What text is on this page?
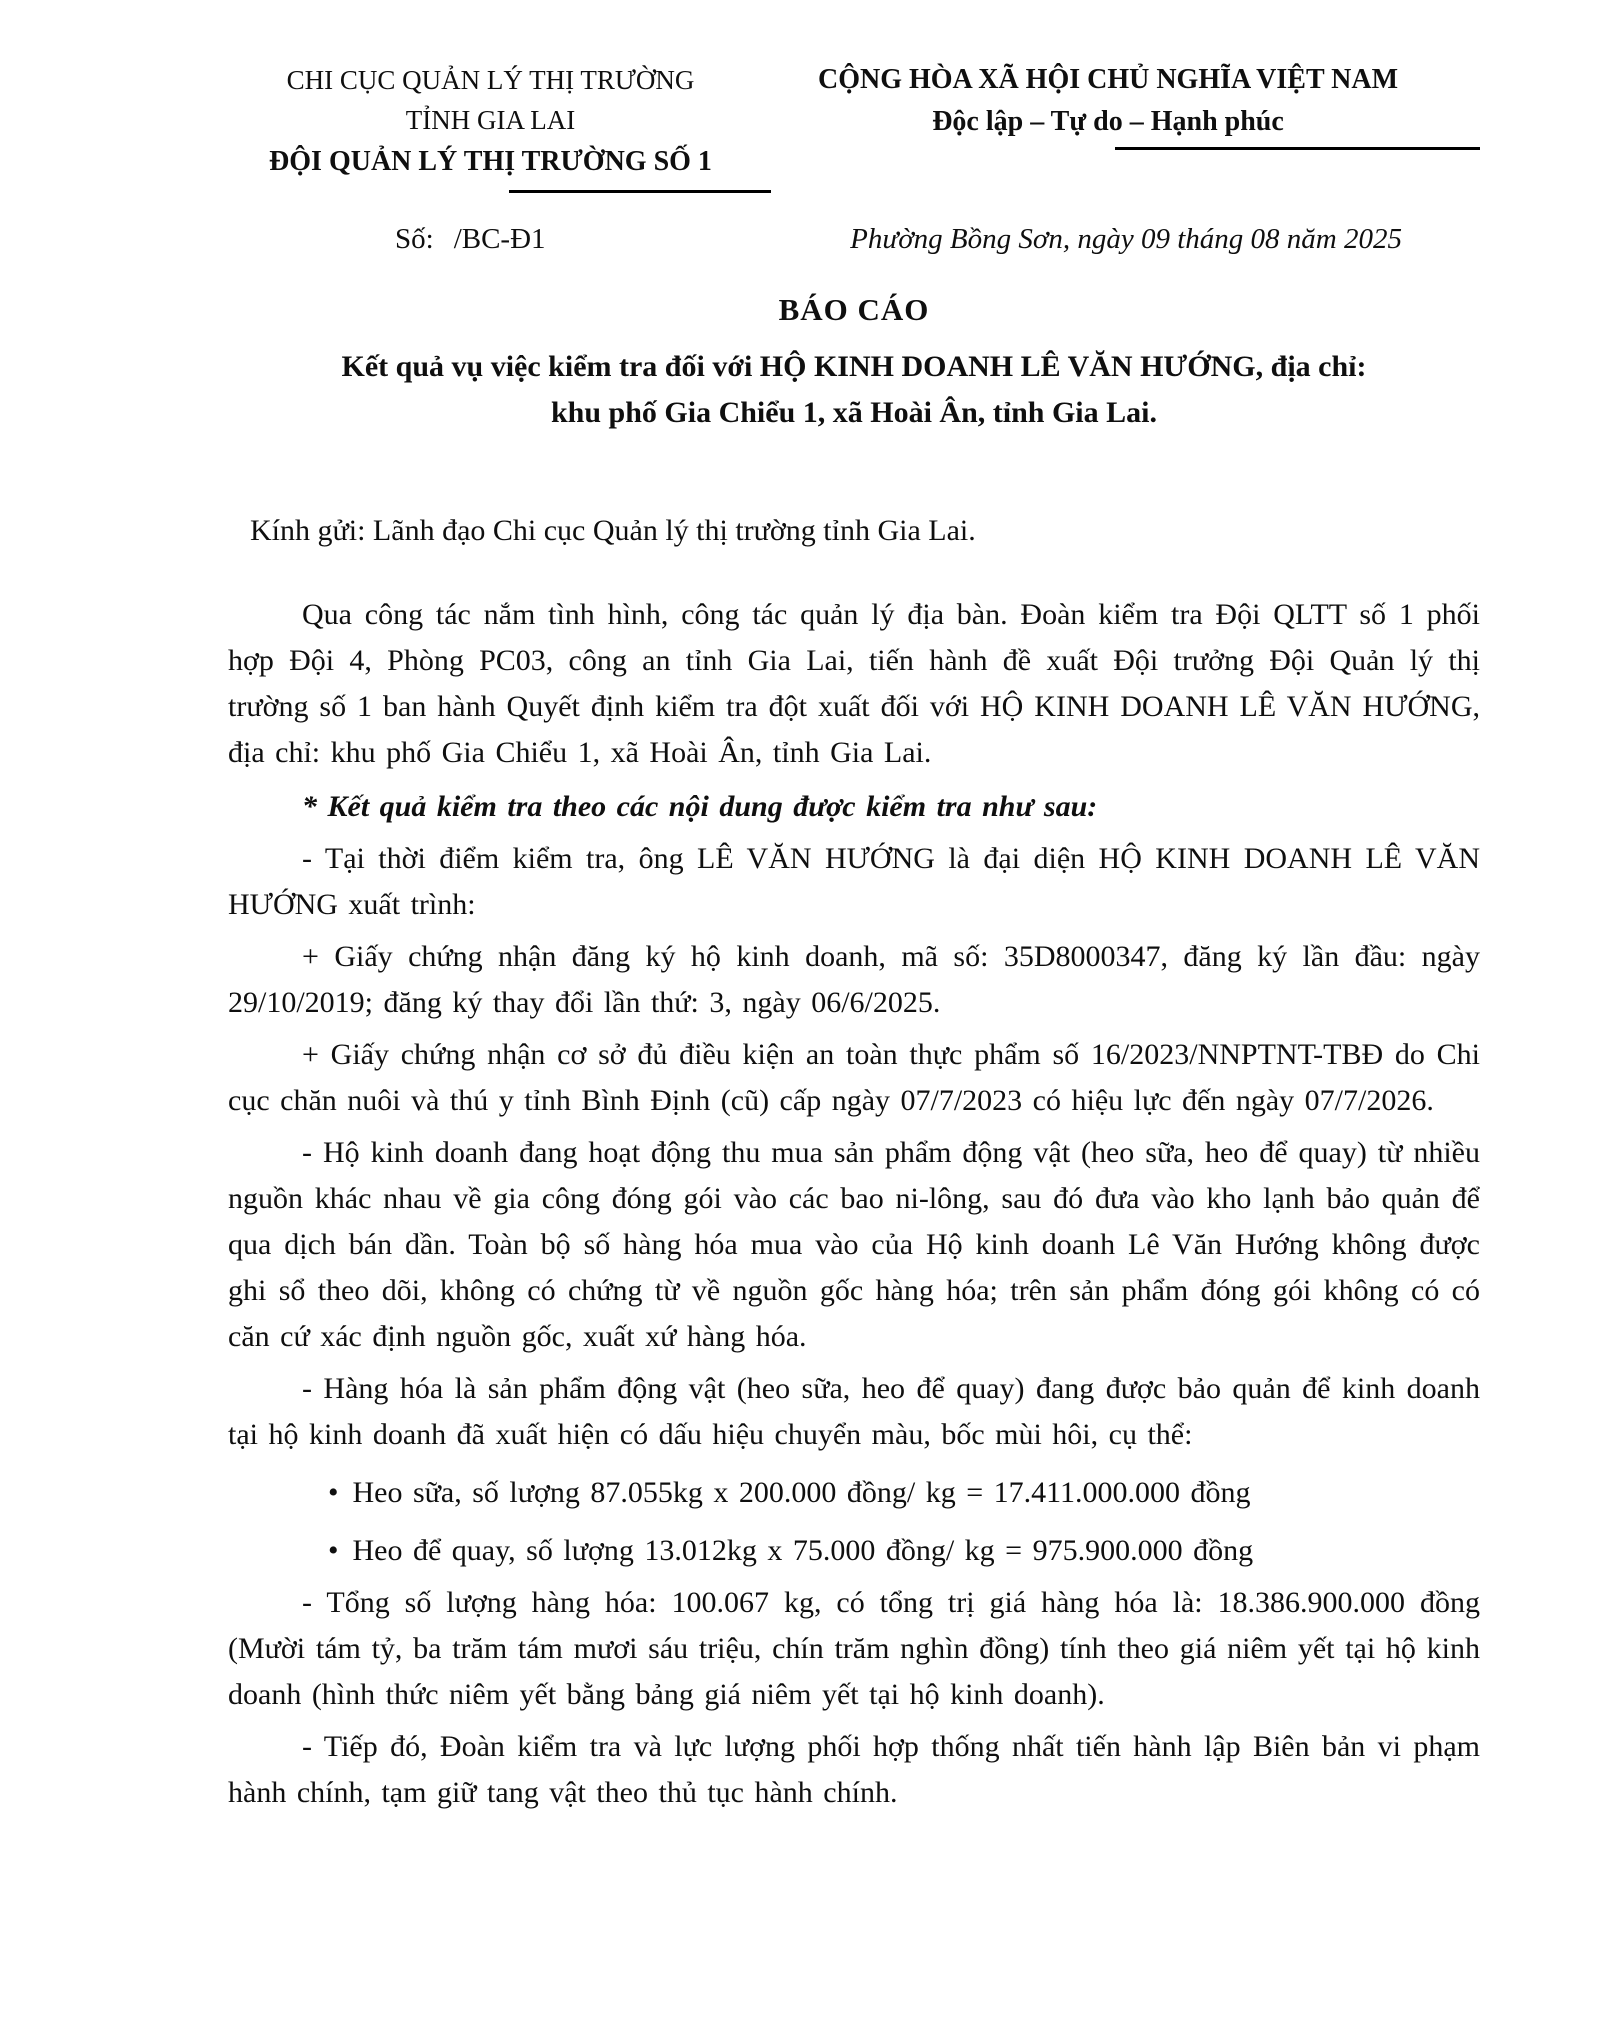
CHI CỤC QUẢN LÝ THỊ TRƯỜNG
TỈNH GIA LAI
ĐỘI QUẢN LÝ THỊ TRƯỜNG SỐ 1
CỘNG HÒA XÃ HỘI CHỦ NGHĨA VIỆT NAM
Độc lập – Tự do – Hạnh phúc
Số: /BC-Đ1	Phường Bồng Sơn, ngày 09 tháng 08 năm 2025
BÁO CÁO
Kết quả vụ việc kiểm tra đối với HỘ KINH DOANH LÊ VĂN HƯỚNG, địa chỉ: khu phố Gia Chiểu 1, xã Hoài Ân, tỉnh Gia Lai.
Kính gửi: Lãnh đạo Chi cục Quản lý thị trường tỉnh Gia Lai.

Qua công tác nắm tình hình, công tác quản lý địa bàn. Đoàn kiểm tra Đội QLTT số 1 phối hợp Đội 4, Phòng PC03, công an tỉnh Gia Lai, tiến hành đề xuất Đội trưởng Đội Quản lý thị trường số 1 ban hành Quyết định kiểm tra đột xuất đối với HỘ KINH DOANH LÊ VĂN HƯỚNG, địa chỉ: khu phố Gia Chiểu 1, xã Hoài Ân, tỉnh Gia Lai.

* Kết quả kiểm tra theo các nội dung được kiểm tra như sau:

- Tại thời điểm kiểm tra, ông LÊ VĂN HƯỚNG là đại diện HỘ KINH DOANH LÊ VĂN HƯỚNG xuất trình:

+ Giấy chứng nhận đăng ký hộ kinh doanh, mã số: 35D8000347, đăng ký lần đầu: ngày 29/10/2019; đăng ký thay đổi lần thứ: 3, ngày 06/6/2025.

+ Giấy chứng nhận cơ sở đủ điều kiện an toàn thực phẩm số 16/2023/NNPTNT-TBĐ do Chi cục chăn nuôi và thú y tỉnh Bình Định (cũ) cấp ngày 07/7/2023 có hiệu lực đến ngày 07/7/2026.

- Hộ kinh doanh đang hoạt động thu mua sản phẩm động vật (heo sữa, heo để quay) từ nhiều nguồn khác nhau về gia công đóng gói vào các bao ni-lông, sau đó đưa vào kho lạnh bảo quản để qua dịch bán dần. Toàn bộ số hàng hóa mua vào của Hộ kinh doanh Lê Văn Hướng không được ghi sổ theo dõi, không có chứng từ về nguồn gốc hàng hóa; trên sản phẩm đóng gói không có có căn cứ xác định nguồn gốc, xuất xứ hàng hóa.

- Hàng hóa là sản phẩm động vật (heo sữa, heo để quay) đang được bảo quản để kinh doanh tại hộ kinh doanh đã xuất hiện có dấu hiệu chuyển màu, bốc mùi hôi, cụ thể:

• Heo sữa, số lượng 87.055kg x 200.000 đồng/ kg = 17.411.000.000 đồng

• Heo để quay, số lượng 13.012kg x 75.000 đồng/ kg = 975.900.000 đồng

- Tổng số lượng hàng hóa: 100.067 kg, có tổng trị giá hàng hóa là: 18.386.900.000 đồng (Mười tám tỷ, ba trăm tám mươi sáu triệu, chín trăm nghìn đồng) tính theo giá niêm yết tại hộ kinh doanh (hình thức niêm yết bằng bảng giá niêm yết tại hộ kinh doanh).

- Tiếp đó, Đoàn kiểm tra và lực lượng phối hợp thống nhất tiến hành lập Biên bản vi phạm hành chính, tạm giữ tang vật theo thủ tục hành chính.
